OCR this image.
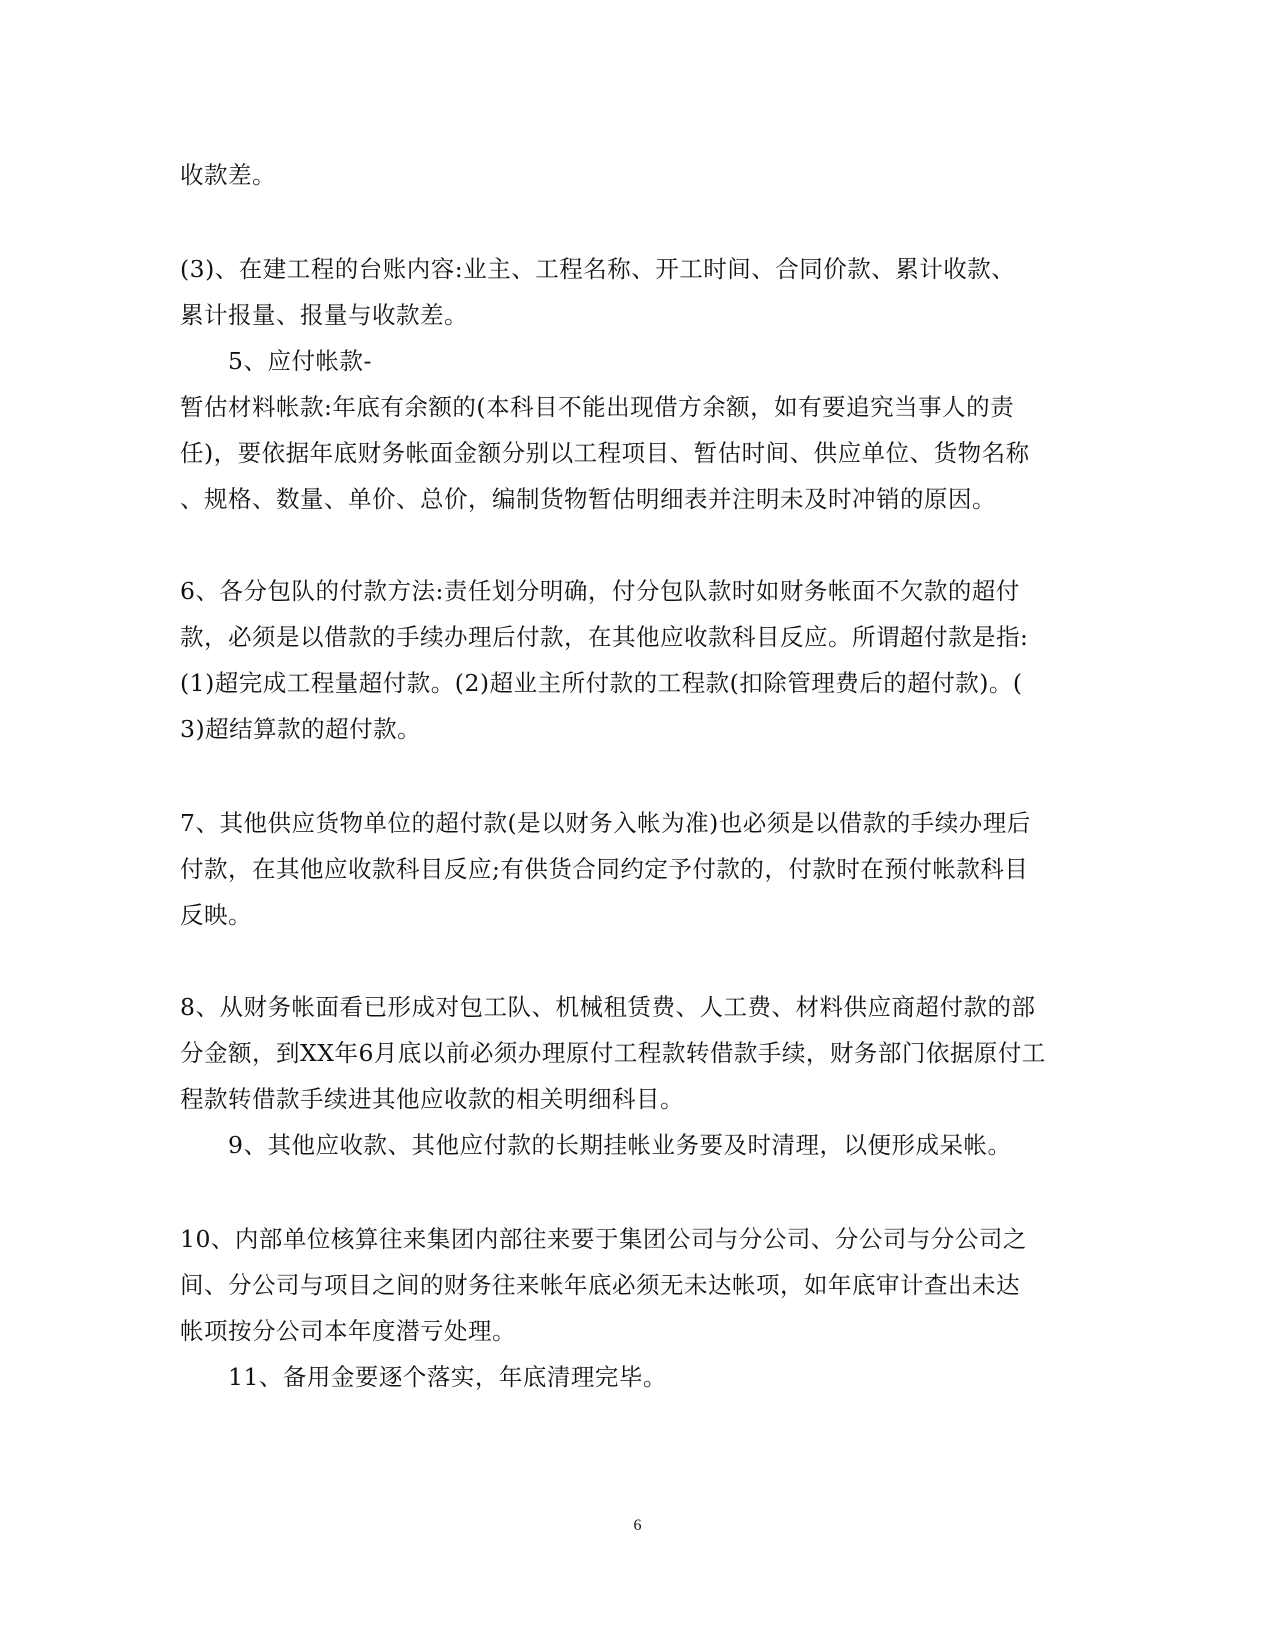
收款差。
(3)、在建工程的台账内容:业主、工程名称、开工时间、合同价款、累计收款、
累计报量、报量与收款差。
5、应付帐款-
暂估材料帐款:年底有余额的(本科目不能出现借方余额，如有要追究当事人的责
任)，要依据年底财务帐面金额分别以工程项目、暂估时间、供应单位、货物名称
、规格、数量、单价、总价，编制货物暂估明细表并注明未及时冲销的原因。
6、各分包队的付款方法:责任划分明确，付分包队款时如财务帐面不欠款的超付
款，必须是以借款的手续办理后付款，在其他应收款科目反应。所谓超付款是指:
(1)超完成工程量超付款。(2)超业主所付款的工程款(扣除管理费后的超付款)。(
3)超结算款的超付款。
7、其他供应货物单位的超付款(是以财务入帐为准)也必须是以借款的手续办理后
付款，在其他应收款科目反应;有供货合同约定予付款的，付款时在预付帐款科目
反映。
8、从财务帐面看已形成对包工队、机械租赁费、人工费、材料供应商超付款的部
分金额，到XX年6月底以前必须办理原付工程款转借款手续，财务部门依据原付工
程款转借款手续进其他应收款的相关明细科目。
9、其他应收款、其他应付款的长期挂帐业务要及时清理，以便形成呆帐。
10、内部单位核算往来集团内部往来要于集团公司与分公司、分公司与分公司之
间、分公司与项目之间的财务往来帐年底必须无未达帐项，如年底审计查出未达
帐项按分公司本年度潜亏处理。
11、备用金要逐个落实，年底清理完毕。
6
